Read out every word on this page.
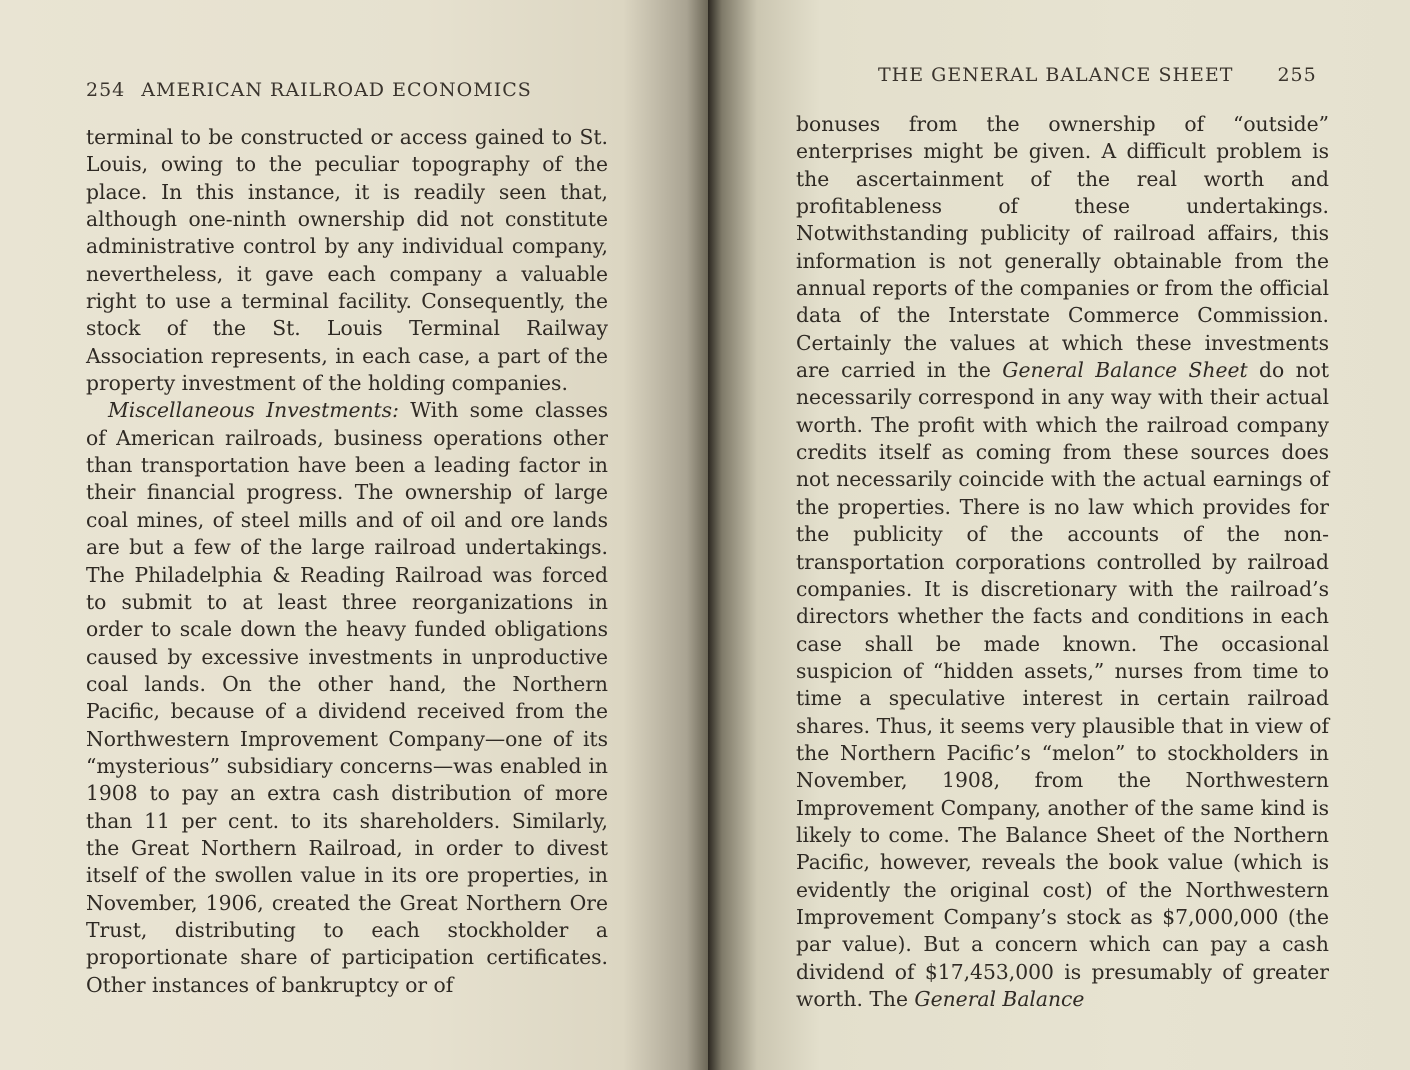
254 AMERICAN RAILROAD ECONOMICS

terminal to be constructed or access gained to St. Louis, owing to the peculiar topography of the place. In this instance, it is readily seen that, although one-ninth ownership did not constitute administrative control by any individual company, nevertheless, it gave each company a valuable right to use a terminal facility. Consequently, the stock of the St. Louis Terminal Railway Association represents, in each case, a part of the property investment of the holding companies.

Miscellaneous Investments: With some classes of American railroads, business operations other than transportation have been a leading factor in their financial progress. The ownership of large coal mines, of steel mills and of oil and ore lands are but a few of the large railroad undertakings. The Philadelphia & Reading Railroad was forced to submit to at least three reorganizations in order to scale down the heavy funded obligations caused by excessive investments in unproductive coal lands. On the other hand, the Northern Pacific, because of a dividend received from the Northwestern Improvement Company—one of its “mysterious” subsidiary concerns—was enabled in 1908 to pay an extra cash distribution of more than 11 per cent. to its shareholders. Similarly, the Great Northern Railroad, in order to divest itself of the swollen value in its ore properties, in November, 1906, created the Great Northern Ore Trust, distributing to each stockholder a proportionate share of participation certificates. Other instances of bankruptcy or of

THE GENERAL BALANCE SHEET 255

bonuses from the ownership of “outside” enterprises might be given. A difficult problem is the ascertainment of the real worth and profitableness of these undertakings. Notwithstanding publicity of railroad affairs, this information is not generally obtainable from the annual reports of the companies or from the official data of the Interstate Commerce Commission. Certainly the values at which these investments are carried in the General Balance Sheet do not necessarily correspond in any way with their actual worth. The profit with which the railroad company credits itself as coming from these sources does not necessarily coincide with the actual earnings of the properties. There is no law which provides for the publicity of the accounts of the non-transportation corporations controlled by railroad companies. It is discretionary with the railroad’s directors whether the facts and conditions in each case shall be made known. The occasional suspicion of “hidden assets,” nurses from time to time a speculative interest in certain railroad shares. Thus, it seems very plausible that in view of the Northern Pacific’s “melon” to stockholders in November, 1908, from the Northwestern Improvement Company, another of the same kind is likely to come. The Balance Sheet of the Northern Pacific, however, reveals the book value (which is evidently the original cost) of the Northwestern Improvement Company’s stock as $7,000,000 (the par value). But a concern which can pay a cash dividend of $17,453,000 is presumably of greater worth. The General Balance
